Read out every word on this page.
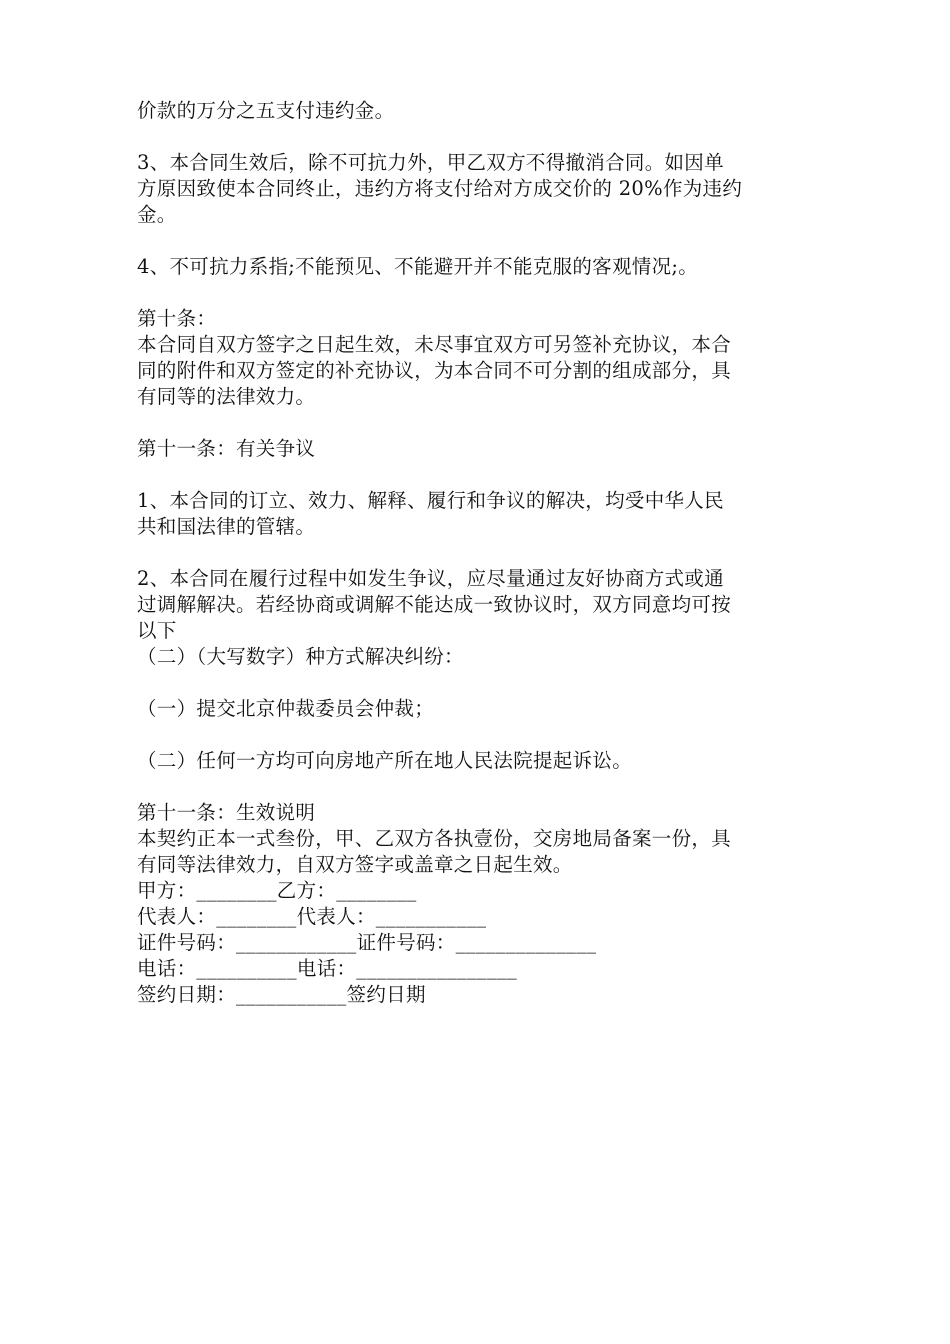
价款的万分之五支付违约金。
3、本合同生效后，除不可抗力外，甲乙双方不得撤消合同。如因单
方原因致使本合同终止，违约方将支付给对方成交价的 20%作为违约
金。
4、不可抗力系指;不能预见、不能避开并不能克服的客观情况;。
第十条：
本合同自双方签字之日起生效，未尽事宜双方可另签补充协议，本合
同的附件和双方签定的补充协议，为本合同不可分割的组成部分，具
有同等的法律效力。
第十一条：有关争议
1、本合同的订立、效力、解释、履行和争议的解决，均受中华人民
共和国法律的管辖。
2、本合同在履行过程中如发生争议，应尽量通过友好协商方式或通
过调解解决。若经协商或调解不能达成一致协议时，双方同意均可按
以下
（二）（大写数字）种方式解决纠纷：
（一）提交北京仲裁委员会仲裁；
（二）任何一方均可向房地产所在地人民法院提起诉讼。
第十一条：生效说明
本契约正本一式叁份，甲、乙双方各执壹份，交房地局备案一份，具
有同等法律效力，自双方签字或盖章之日起生效。
甲方：________乙方：________
代表人：________代表人：___________
证件号码：____________证件号码：______________
电话：__________电话：________________
签约日期：___________签约日期
